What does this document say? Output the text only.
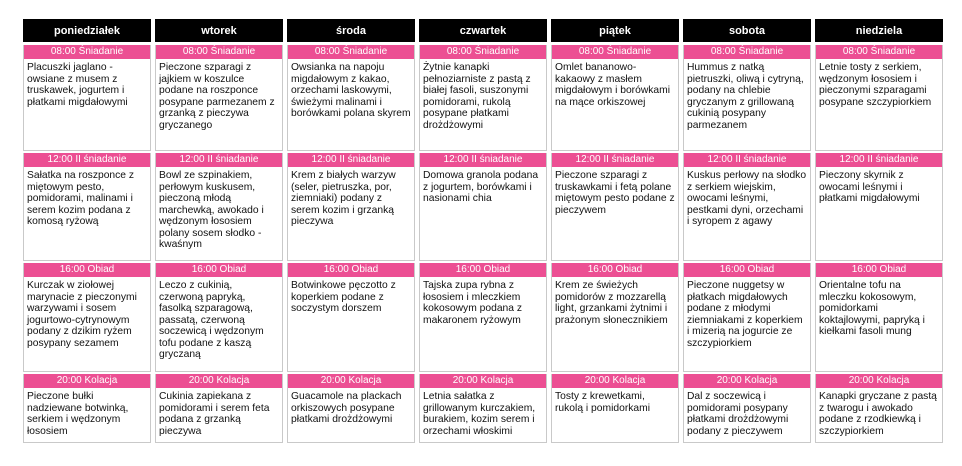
poniedziałek
08:00 Śniadanie
Placuszki jaglano - owsiane z musem z truskawek, jogurtem i płatkami migdałowymi
12:00 II śniadanie
Sałatka na roszponce z miętowym pesto, pomidorami, malinami i serem kozim podana z komosą ryżową
16:00 Obiad
Kurczak w ziołowej marynacie z pieczonymi warzywami i sosem jogurtowo-cytrynowym podany z dzikim ryżem posypany sezamem
20:00 Kolacja
Pieczone bułki nadziewane botwinką, serkiem i wędzonym łososiem
wtorek
08:00 Śniadanie
Pieczone szparagi z jajkiem w koszulce podane na roszponce posypane parmezanem z grzanką z pieczywa gryczanego
12:00 II śniadanie
Bowl ze szpinakiem, perłowym kuskusem, pieczoną młodą marchewką, awokado i wędzonym łososiem polany sosem słodko - kwaśnym
16:00 Obiad
Leczo z cukinią, czerwoną papryką, fasolką szparagową, passatą, czerwoną soczewicą i wędzonym tofu podane z kaszą gryczaną
20:00 Kolacja
Cukinia zapiekana z pomidorami i serem feta podana z grzanką pieczywa
środa
08:00 Śniadanie
Owsianka na napoju migdałowym z kakao, orzechami laskowymi, świeżymi malinami i borówkami polana skyrem
12:00 II śniadanie
Krem z białych warzyw (seler, pietruszka, por, ziemniaki) podany z serem kozim i grzanką pieczywa
16:00 Obiad
Botwinkowe pęczotto z koperkiem podane z soczystym dorszem
20:00 Kolacja
Guacamole na plackach orkiszowych posypane płatkami drożdżowymi
czwartek
08:00 Śniadanie
Żytnie kanapki pełnoziarniste z pastą z białej fasoli, suszonymi pomidorami, rukolą posypane płatkami drożdżowymi
12:00 II śniadanie
Domowa granola podana z jogurtem, borówkami i nasionami chia
16:00 Obiad
Tajska zupa rybna z łososiem i mleczkiem kokosowym podana z makaronem ryżowym
20:00 Kolacja
Letnia sałatka z grillowanym kurczakiem, burakiem, kozim serem i orzechami włoskimi
piątek
08:00 Śniadanie
Omlet bananowo-kakaowy z masłem migdałowym i borówkami na mące orkiszowej
12:00 II śniadanie
Pieczone szparagi z truskawkami i fetą polane miętowym pesto podane z pieczywem
16:00 Obiad
Krem ze świeżych pomidorów z mozzarellą light, grzankami żytnimi i prażonym słonecznikiem
20:00 Kolacja
Tosty z krewetkami, rukolą i pomidorkami
sobota
08:00 Śniadanie
Hummus z natką pietruszki, oliwą i cytryną, podany na chlebie gryczanym z grillowaną cukinią posypany parmezanem
12:00 II śniadanie
Kuskus perłowy na słodko z serkiem wiejskim, owocami leśnymi, pestkami dyni, orzechami i syropem z agawy
16:00 Obiad
Pieczone nuggetsy w płatkach migdałowych podane z młodymi ziemniakami z koperkiem i mizerią na jogurcie ze szczypiorkiem
20:00 Kolacja
Dal z soczewicą i pomidorami posypany płatkami drożdżowymi podany z pieczywem
niedziela
08:00 Śniadanie
Letnie tosty z serkiem, wędzonym łososiem i pieczonymi szparagami posypane szczypiorkiem
12:00 II śniadanie
Pieczony skyrnik z owocami leśnymi i płatkami migdałowymi
16:00 Obiad
Orientalne tofu na mleczku kokosowym, pomidorkami koktajlowymi, papryką i kiełkami fasoli mung
20:00 Kolacja
Kanapki gryczane z pastą z twarogu i awokado podane z rzodkiewką i szczypiorkiem
